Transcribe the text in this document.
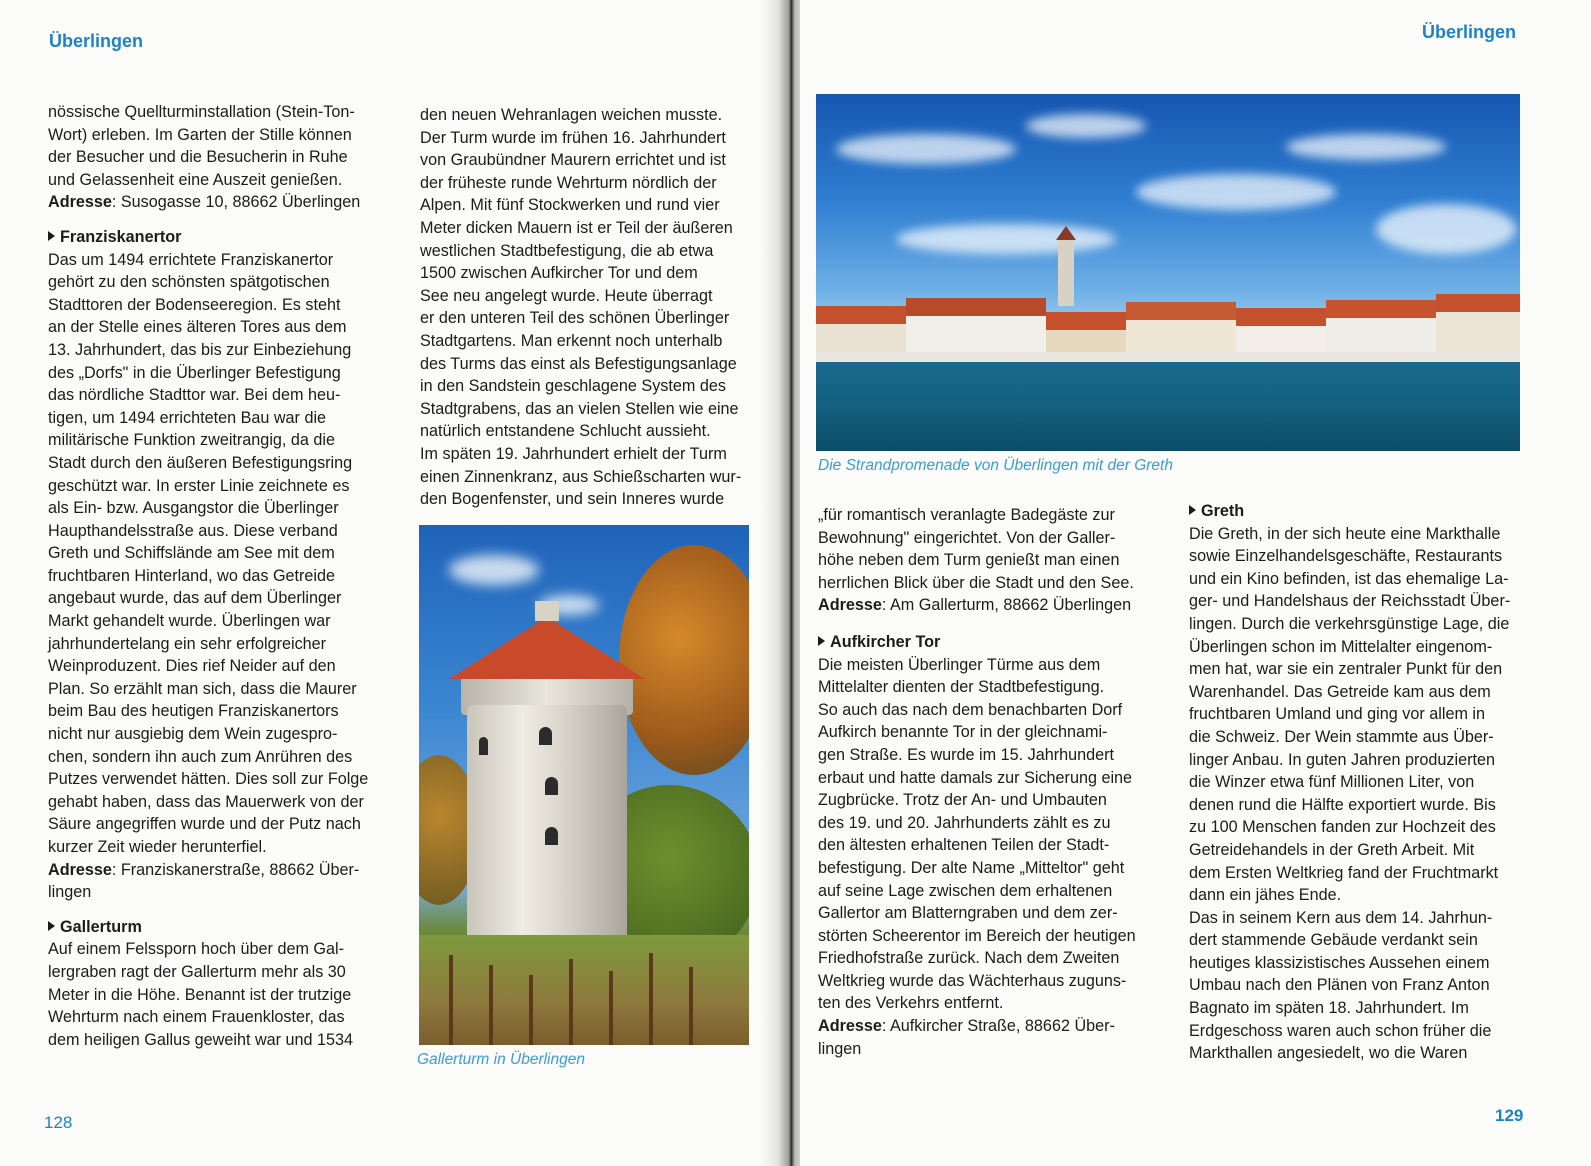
Überlingen

nössische Quellturminstallation (Stein-Ton-

Wort) erleben. Im Garten der Stille können

der Besucher und die Besucherin in Ruhe

und Gelassenheit eine Auszeit genießen.

Adresse: Susogasse 10, 88662 Überlingen

Franziskanertor

Das um 1494 errichtete Franziskanertor

gehört zu den schönsten spätgotischen

Stadttoren der Bodenseeregion. Es steht

an der Stelle eines älteren Tores aus dem

13. Jahrhundert, das bis zur Einbeziehung

des „Dorfs" in die Überlinger Befestigung

das nördliche Stadttor war. Bei dem heu-

tigen, um 1494 errichteten Bau war die

militärische Funktion zweitrangig, da die

Stadt durch den äußeren Befestigungsring

geschützt war. In erster Linie zeichnete es

als Ein- bzw. Ausgangstor die Überlinger

Haupthandelsstraße aus. Diese verband

Greth und Schiffslände am See mit dem

fruchtbaren Hinterland, wo das Getreide

angebaut wurde, das auf dem Überlinger

Markt gehandelt wurde. Überlingen war

jahrhundertelang ein sehr erfolgreicher

Weinproduzent. Dies rief Neider auf den

Plan. So erzählt man sich, dass die Maurer

beim Bau des heutigen Franziskanertors

nicht nur ausgiebig dem Wein zugespro-

chen, sondern ihn auch zum Anrühren des

Putzes verwendet hätten. Dies soll zur Folge

gehabt haben, dass das Mauerwerk von der

Säure angegriffen wurde und der Putz nach

kurzer Zeit wieder herunterfiel.

Adresse: Franziskanerstraße, 88662 Über-

lingen

Gallerturm

Auf einem Felssporn hoch über dem Gal-

lergraben ragt der Gallerturm mehr als 30

Meter in die Höhe. Benannt ist der trutzige

Wehrturm nach einem Frauenkloster, das

dem heiligen Gallus geweiht war und 1534

den neuen Wehranlagen weichen musste.

Der Turm wurde im frühen 16. Jahrhundert

von Graubündner Maurern errichtet und ist

der früheste runde Wehrturm nördlich der

Alpen. Mit fünf Stockwerken und rund vier

Meter dicken Mauern ist er Teil der äußeren

westlichen Stadtbefestigung, die ab etwa

1500 zwischen Aufkircher Tor und dem

See neu angelegt wurde. Heute überragt

er den unteren Teil des schönen Überlinger

Stadtgartens. Man erkennt noch unterhalb

des Turms das einst als Befestigungsanlage

in den Sandstein geschlagene System des

Stadtgrabens, das an vielen Stellen wie eine

natürlich entstandene Schlucht aussieht.

Im späten 19. Jahrhundert erhielt der Turm

einen Zinnenkranz, aus Schießscharten wur-

den Bogenfenster, und sein Inneres wurde

Gallerturm in Überlingen
128
Überlingen
129
Die Strandpromenade von Überlingen mit der Greth

„für romantisch veranlagte Badegäste zur

Bewohnung" eingerichtet. Von der Galler-

höhe neben dem Turm genießt man einen

herrlichen Blick über die Stadt und den See.

Adresse: Am Gallerturm, 88662 Überlingen

Aufkircher Tor

Die meisten Überlinger Türme aus dem

Mittelalter dienten der Stadtbefestigung.

So auch das nach dem benachbarten Dorf

Aufkirch benannte Tor in der gleichnami-

gen Straße. Es wurde im 15. Jahrhundert

erbaut und hatte damals zur Sicherung eine

Zugbrücke. Trotz der An- und Umbauten

des 19. und 20. Jahrhunderts zählt es zu

den ältesten erhaltenen Teilen der Stadt-

befestigung. Der alte Name „Mitteltor" geht

auf seine Lage zwischen dem erhaltenen

Gallertor am Blatterngraben und dem zer-

störten Scheerentor im Bereich der heutigen

Friedhofstraße zurück. Nach dem Zweiten

Weltkrieg wurde das Wächterhaus zuguns-

ten des Verkehrs entfernt.

Adresse: Aufkircher Straße, 88662 Über-

lingen

Greth

Die Greth, in der sich heute eine Markthalle

sowie Einzelhandelsgeschäfte, Restaurants

und ein Kino befinden, ist das ehemalige La-

ger- und Handelshaus der Reichsstadt Über-

lingen. Durch die verkehrsgünstige Lage, die

Überlingen schon im Mittelalter eingenom-

men hat, war sie ein zentraler Punkt für den

Warenhandel. Das Getreide kam aus dem

fruchtbaren Umland und ging vor allem in

die Schweiz. Der Wein stammte aus Über-

linger Anbau. In guten Jahren produzierten

die Winzer etwa fünf Millionen Liter, von

denen rund die Hälfte exportiert wurde. Bis

zu 100 Menschen fanden zur Hochzeit des

Getreidehandels in der Greth Arbeit. Mit

dem Ersten Weltkrieg fand der Fruchtmarkt

dann ein jähes Ende.

Das in seinem Kern aus dem 14. Jahrhun-

dert stammende Gebäude verdankt sein

heutiges klassizistisches Aussehen einem

Umbau nach den Plänen von Franz Anton

Bagnato im späten 18. Jahrhundert. Im

Erdgeschoss waren auch schon früher die

Markthallen angesiedelt, wo die Waren
